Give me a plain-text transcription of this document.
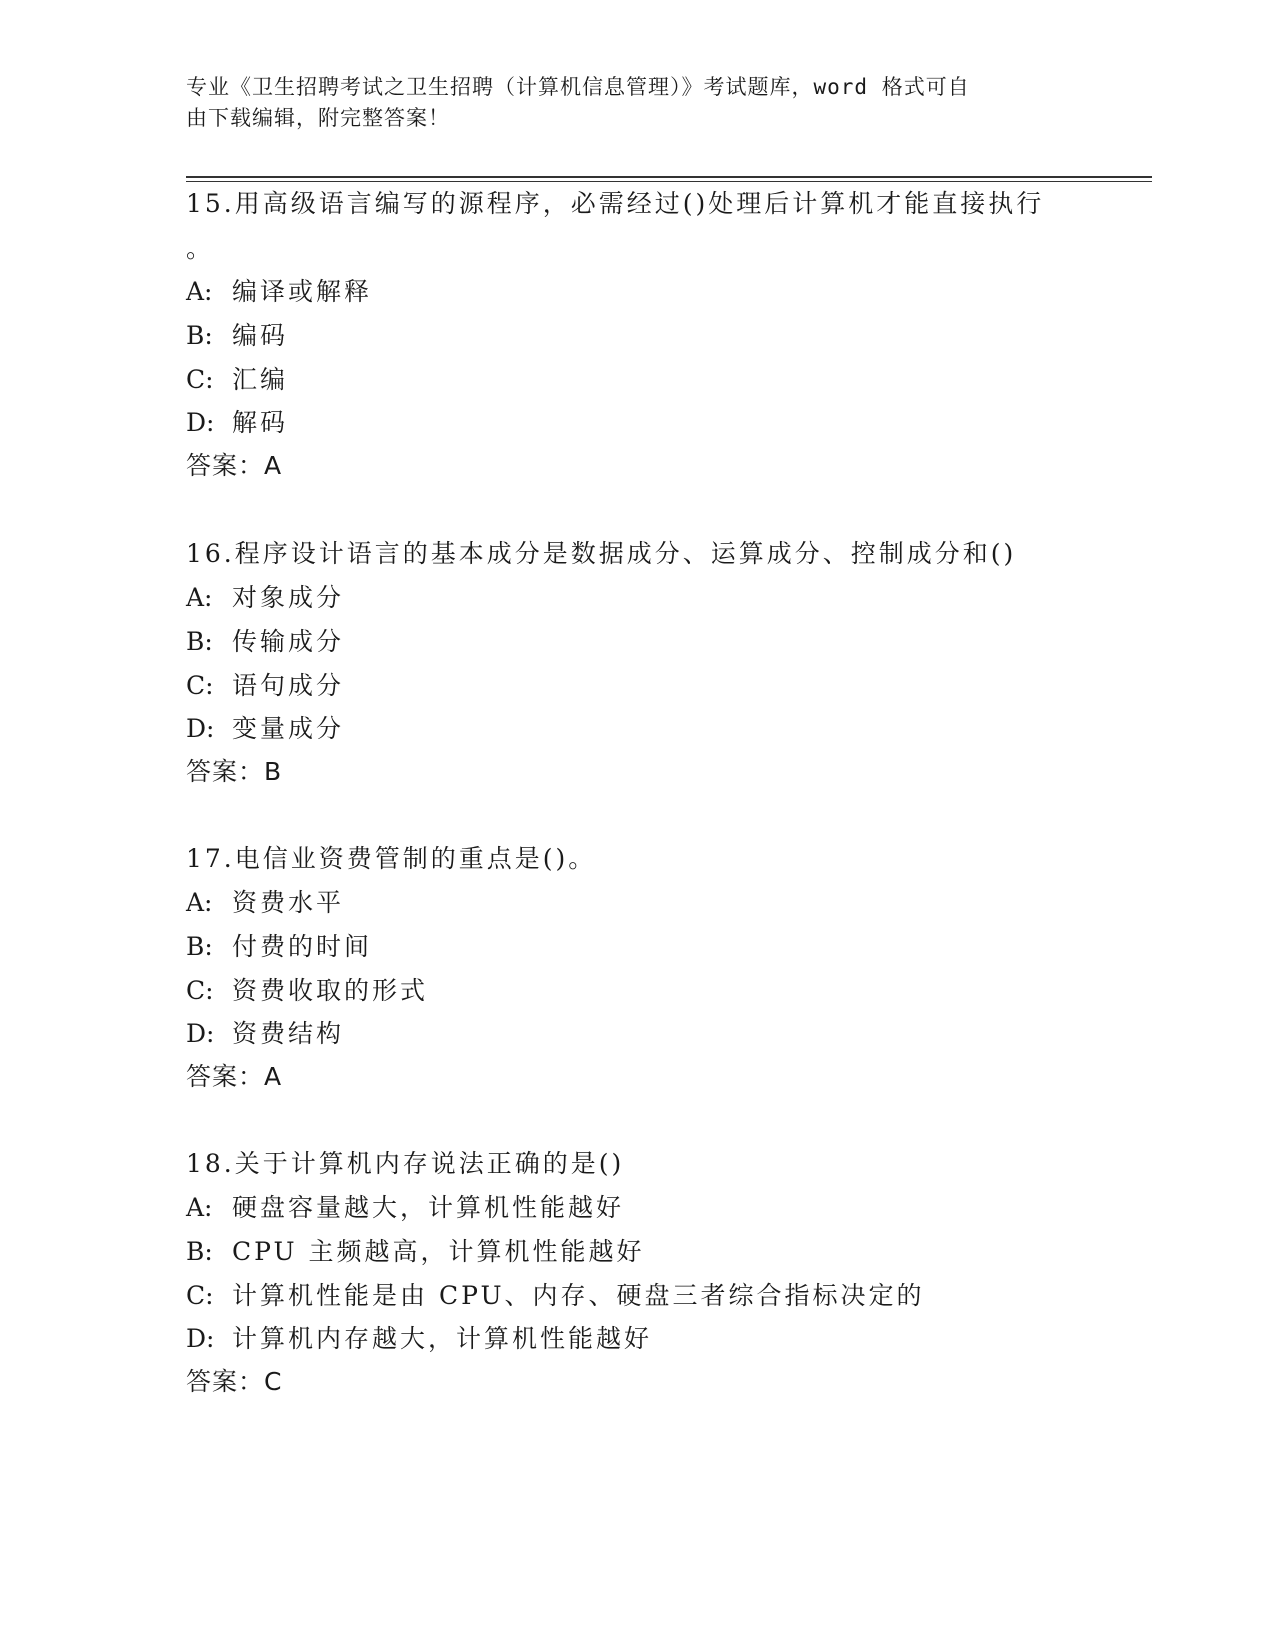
专业《卫生招聘考试之卫生招聘（计算机信息管理）》考试题库，word 格式可自
由下载编辑，附完整答案！
15.用高级语言编写的源程序，必需经过()处理后计算机才能直接执行
。
A: 编译或解释
B: 编码
C: 汇编
D: 解码
答案：A
16.程序设计语言的基本成分是数据成分、运算成分、控制成分和()
A: 对象成分
B: 传输成分
C: 语句成分
D: 变量成分
答案：B
17.电信业资费管制的重点是()。
A: 资费水平
B: 付费的时间
C: 资费收取的形式
D: 资费结构
答案：A
18.关于计算机内存说法正确的是()
A: 硬盘容量越大，计算机性能越好
B: CPU 主频越高，计算机性能越好
C: 计算机性能是由 CPU、内存、硬盘三者综合指标决定的
D: 计算机内存越大，计算机性能越好
答案：C
